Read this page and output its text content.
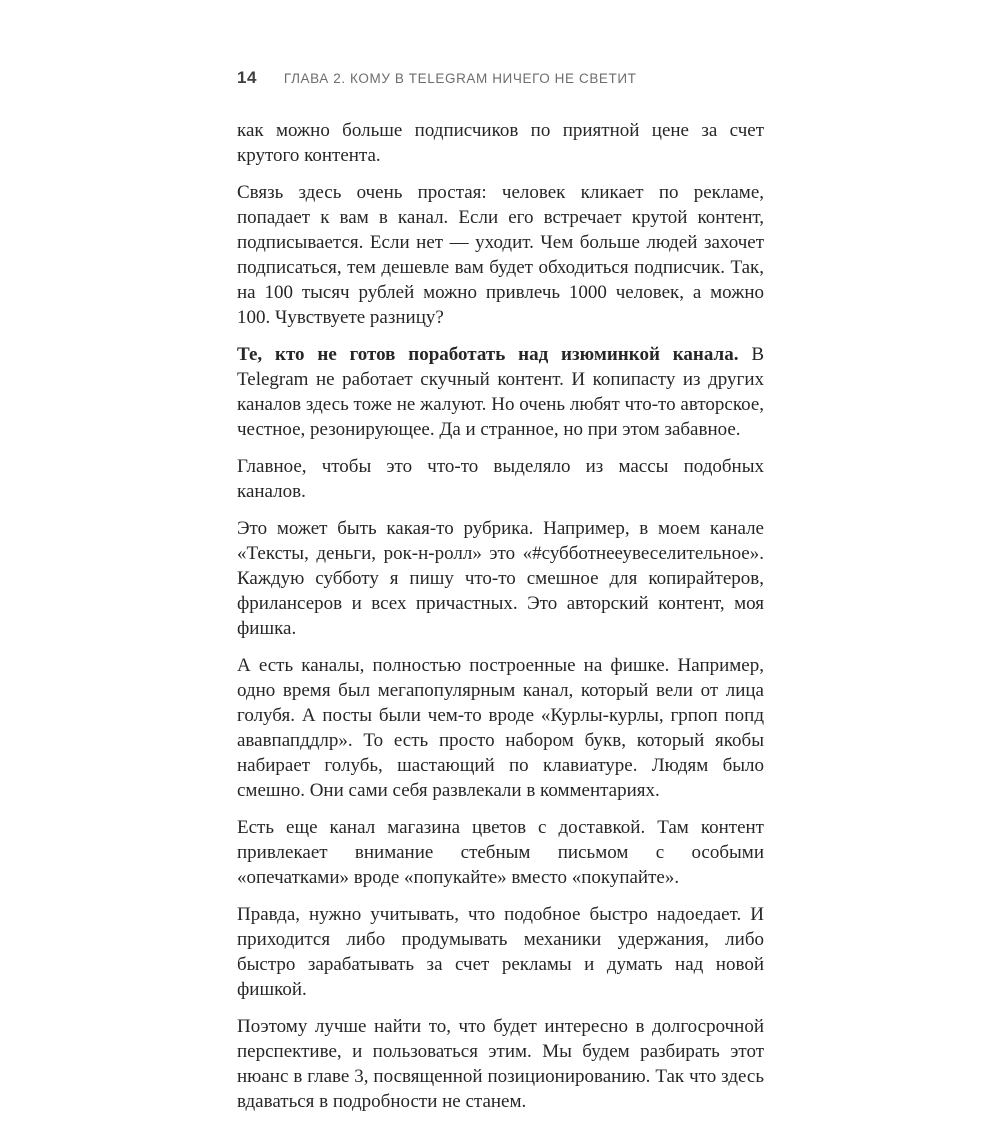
14 ГЛАВА 2. КОМУ В TELEGRAM НИЧЕГО НЕ СВЕТИТ

как можно больше подписчиков по приятной цене за счет крутого контента.

Связь здесь очень простая: человек кликает по рекламе, попадает к вам в канал. Если его встречает крутой контент, подписывается. Если нет — уходит. Чем больше людей захочет подписаться, тем дешевле вам будет обходиться подписчик. Так, на 100 тысяч рублей можно привлечь 1000 человек, а можно 100. Чувствуете разницу?

Те, кто не готов поработать над изюминкой канала. В Telegram не работает скучный контент. И копипасту из других каналов здесь тоже не жалуют. Но очень любят что-то авторское, честное, резонирующее. Да и странное, но при этом забавное.

Главное, чтобы это что-то выделяло из массы подобных каналов.

Это может быть какая-то рубрика. Например, в моем канале «Тексты, деньги, рок-н-ролл» это «#субботнееувеселительное». Каждую субботу я пишу что-то смешное для копирайтеров, фрилансеров и всех причастных. Это авторский контент, моя фишка.

А есть каналы, полностью построенные на фишке. Например, одно время был мегапопулярным канал, который вели от лица голубя. А посты были чем-то вроде «Курлы-курлы, грпоп попд ававпапддлр». То есть просто набором букв, который якобы набирает голубь, шастающий по клавиатуре. Людям было смешно. Они сами себя развлекали в комментариях.

Есть еще канал магазина цветов с доставкой. Там контент привлекает внимание стебным письмом с особыми «опечатками» вроде «попукайте» вместо «покупайте».

Правда, нужно учитывать, что подобное быстро надоедает. И приходится либо продумывать механики удержания, либо быстро зарабатывать за счет рекламы и думать над новой фишкой.

Поэтому лучше найти то, что будет интересно в долгосрочной перспективе, и пользоваться этим. Мы будем разбирать этот нюанс в главе 3, посвященной позиционированию. Так что здесь вдаваться в подробности не станем.
